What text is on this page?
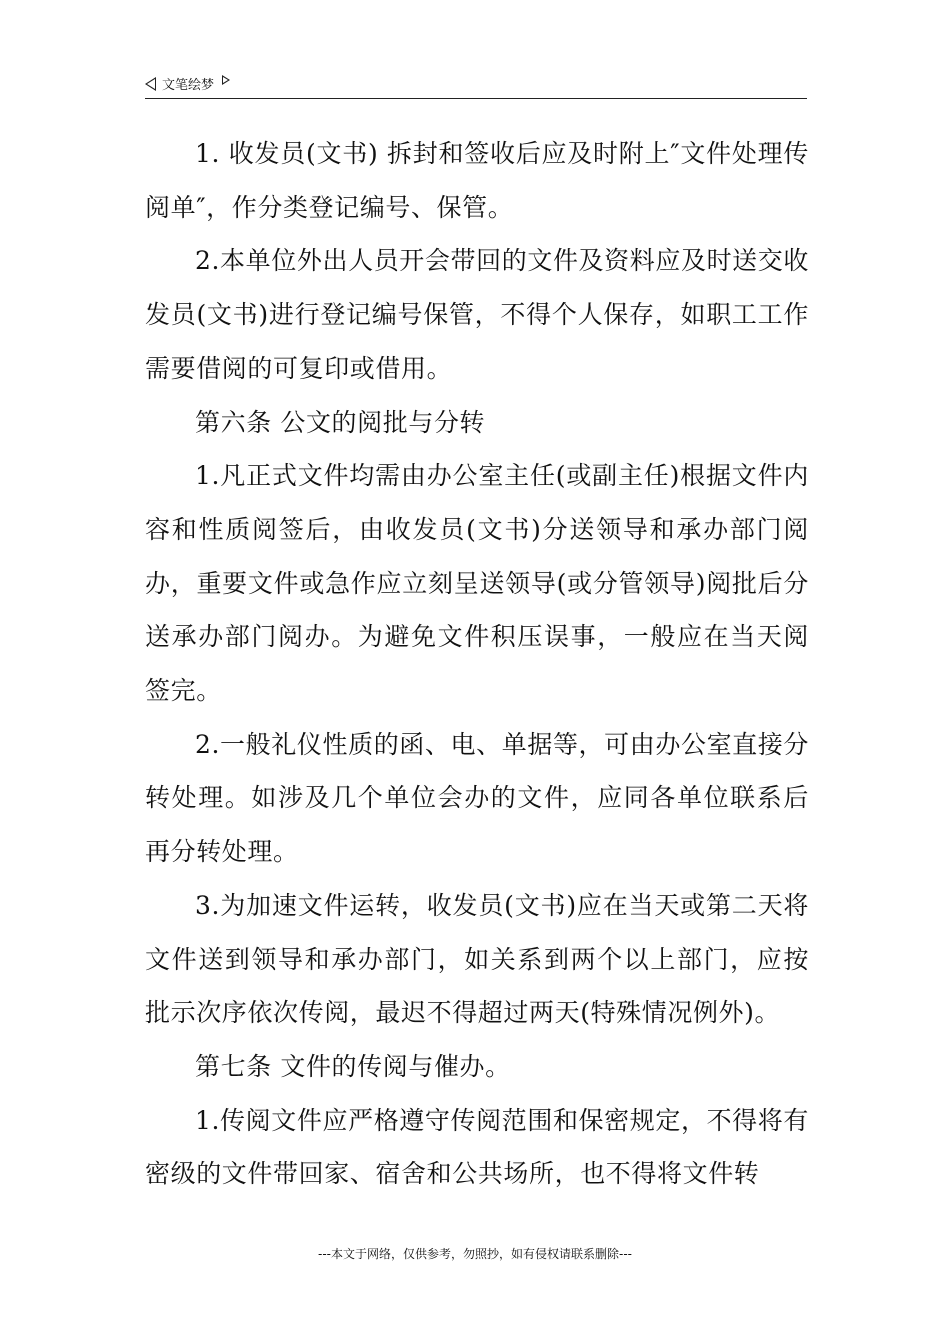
文笔绘梦

1. 收发员(文书) 拆封和签收后应及时附上″文件处理传阅单″，作分类登记编号、保管。

2.本单位外出人员开会带回的文件及资料应及时送交收发员(文书)进行登记编号保管，不得个人保存，如职工工作需要借阅的可复印或借用。

第六条 公文的阅批与分转

1.凡正式文件均需由办公室主任(或副主任)根据文件内容和性质阅签后，由收发员(文书)分送领导和承办部门阅办，重要文件或急作应立刻呈送领导(或分管领导)阅批后分送承办部门阅办。为避免文件积压误事，一般应在当天阅签完。

2.一般礼仪性质的函、电、单据等，可由办公室直接分转处理。如涉及几个单位会办的文件，应同各单位联系后再分转处理。

3.为加速文件运转，收发员(文书)应在当天或第二天将文件送到领导和承办部门，如关系到两个以上部门，应按批示次序依次传阅，最迟不得超过两天(特殊情况例外)。

第七条 文件的传阅与催办。

1.传阅文件应严格遵守传阅范围和保密规定，不得将有密级的文件带回家、宿舍和公共场所，也不得将文件转

---本文于网络，仅供参考，勿照抄，如有侵权请联系删除---
